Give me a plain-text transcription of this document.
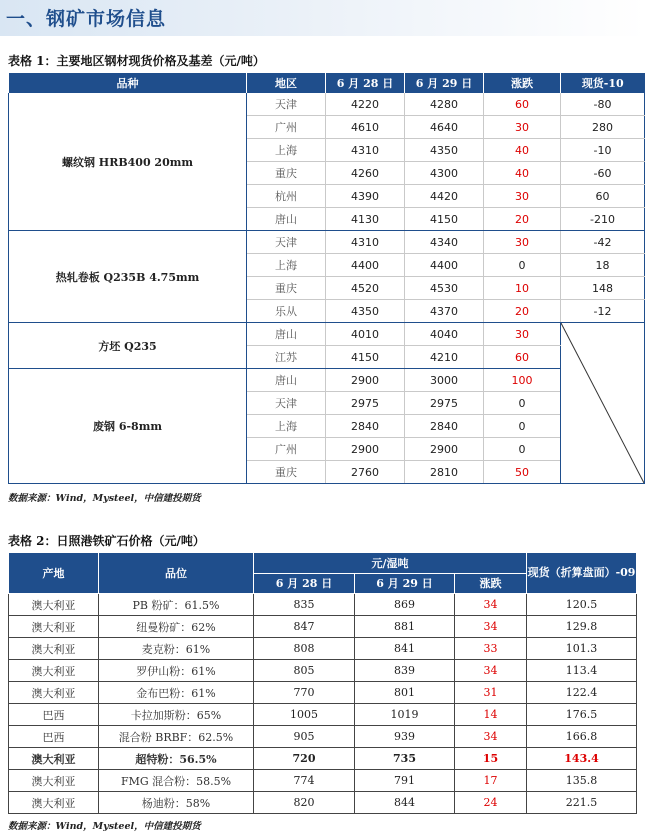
一、钢矿市场信息
表格 1：主要地区钢材现货价格及基差（元/吨）
品种	地区	6 月 28 日	6 月 29 日	涨跌	现货-10
螺纹钢 HRB400 20mm	天津	4220	4280	60	-80
	广州	4610	4640	30	280
	上海	4310	4350	40	-10
	重庆	4260	4300	40	-60
	杭州	4390	4420	30	60
	唐山	4130	4150	20	-210
热轧卷板 Q235B 4.75mm	天津	4310	4340	30	-42
	上海	4400	4400	0	18
	重庆	4520	4530	10	148
	乐从	4350	4370	20	-12
方坯 Q235	唐山	4010	4040	30	

	江苏	4150	4210	60	
废钢 6-8mm	唐山	2900	3000	100	
	天津	2975	2975	0	
	上海	2840	2840	0	
	广州	2900	2900	0	
	重庆	2760	2810	50	
数据来源：Wind，Mysteel，中信建投期货
表格 2：日照港铁矿石价格（元/吨）
产地	品位	元/湿吨			现货（折算盘面）-09
		6 月 28 日	6 月 29 日	涨跌	
澳大利亚	PB 粉矿：61.5%	835	869	34	120.5
澳大利亚	纽曼粉矿：62%	847	881	34	129.8
澳大利亚	麦克粉：61%	808	841	33	101.3
澳大利亚	罗伊山粉：61%	805	839	34	113.4
澳大利亚	金布巴粉：61%	770	801	31	122.4
巴西	卡拉加斯粉：65%	1005	1019	14	176.5
巴西	混合粉 BRBF：62.5%	905	939	34	166.8
澳大利亚	超特粉：56.5%	720	735	15	143.4
澳大利亚	FMG 混合粉：58.5%	774	791	17	135.8
澳大利亚	杨迪粉：58%	820	844	24	221.5
数据来源：Wind，Mysteel，中信建投期货
